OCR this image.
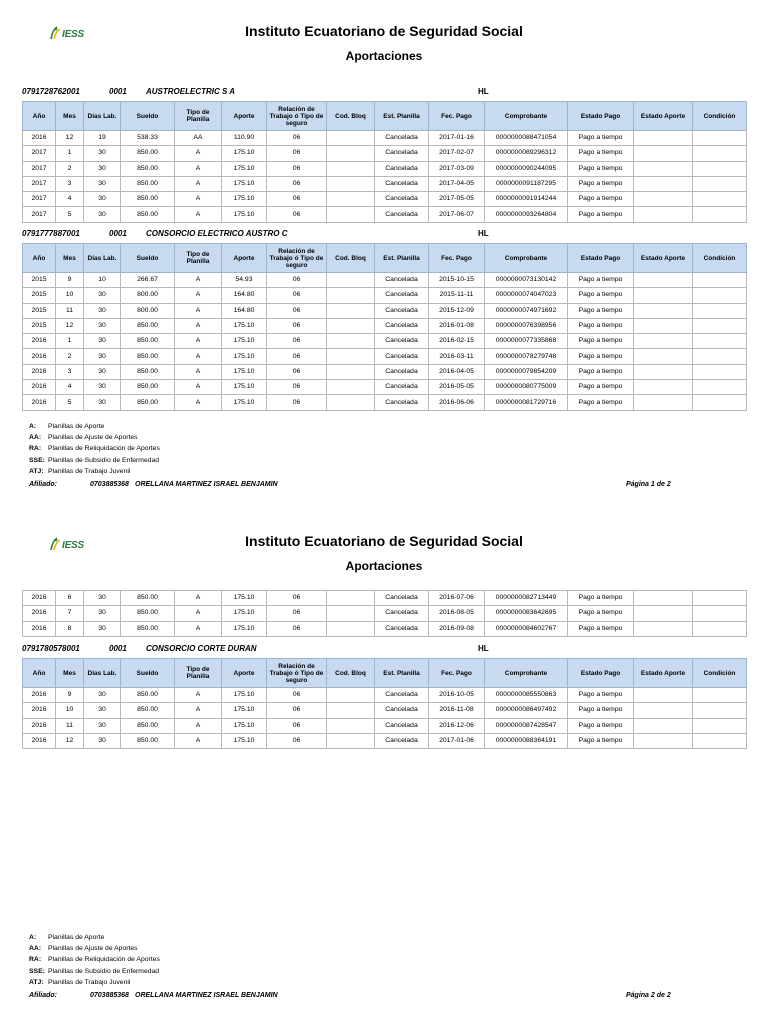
IESS	Instituto Ecuatoriano de Seguridad Social
Aportaciones
0791728762001	0001 AUSTROELECTRIC S A	HL
Año	Mes	Días Lab.	Sueldo	Tipo de Planilla	Aporte	Relación de Trabajo ó Tipo de seguro	Cod. Bloq	Est. Planilla	Fec. Pago	Comprobante	Estado Pago	Estado Aporte	Condición
2016	12	19	538.33	AA	110.90	06		Cancelada	2017-01-16	0000000088471054	Pago a tiempo		
2017	1	30	850.00	A	175.10	06		Cancelada	2017-02-07	0000000089296312	Pago a tiempo		
2017	2	30	850.00	A	175.10	06		Cancelada	2017-03-09	0000000090244095	Pago a tiempo		
2017	3	30	850.00	A	175.10	06		Cancelada	2017-04-05	0000000091187295	Pago a tiempo		
2017	4	30	850.00	A	175.10	06		Cancelada	2017-05-05	0000000091914244	Pago a tiempo		
2017	5	30	850.00	A	175.10	06		Cancelada	2017-06-07	0000000093264804	Pago a tiempo		
0791777887001	0001 CONSORCIO ELECTRICO AUSTRO C	HL
Año	Mes	Días Lab.	Sueldo	Tipo de Planilla	Aporte	Relación de Trabajo ó Tipo de seguro	Cod. Bloq	Est. Planilla	Fec. Pago	Comprobante	Estado Pago	Estado Aporte	Condición
2015	9	10	266.67	A	54.93	06		Cancelada	2015-10-15	0000000073130142	Pago a tiempo		
2015	10	30	800.00	A	164.80	06		Cancelada	2015-11-11	0000000074047023	Pago a tiempo		
2015	11	30	800.00	A	164.80	06		Cancelada	2015-12-09	0000000074971692	Pago a tiempo		
2015	12	30	850.00	A	175.10	06		Cancelada	2016-01-08	0000000076398956	Pago a tiempo		
2016	1	30	850.00	A	175.10	06		Cancelada	2016-02-15	0000000077335868	Pago a tiempo		
2016	2	30	850.00	A	175.10	06		Cancelada	2016-03-11	0000000078279748	Pago a tiempo		
2016	3	30	850.00	A	175.10	06		Cancelada	2016-04-05	0000000079854209	Pago a tiempo		
2016	4	30	850.00	A	175.10	06		Cancelada	2016-05-05	0000000080775009	Pago a tiempo		
2016	5	30	850.00	A	175.10	06		Cancelada	2016-06-06	0000000081729716	Pago a tiempo		
A:	Planillas de Aporte
AA:	Planillas de Ajuste de Aportes
RA:	Planillas de Reliquidación de Aportes
SSE: Planillas de Subsidio de Enfermedad
ATJ: Planillas de Trabajo Juvenil
Afiliado:	0703885368 ORELLANA MARTINEZ ISRAEL BENJAMIN	Página 1 de 2
IESS	Instituto Ecuatoriano de Seguridad Social
Aportaciones
2016	6	30	850.00	A	175.10	06		Cancelada	2016-07-06	0000000082713449	Pago a tiempo		
2016	7	30	850.00	A	175.10	06		Cancelada	2016-08-05	0000000083642695	Pago a tiempo		
2016	8	30	850.00	A	175.10	06		Cancelada	2016-09-08	0000000084602767	Pago a tiempo		
0791780578001	0001 CONSORCIO CORTE DURAN	HL
Año	Mes	Días Lab.	Sueldo	Tipo de Planilla	Aporte	Relación de Trabajo ó Tipo de seguro	Cod. Bloq	Est. Planilla	Fec. Pago	Comprobante	Estado Pago	Estado Aporte	Condición
2016	9	30	850.00	A	175.10	06		Cancelada	2016-10-05	0000000085550863	Pago a tiempo		
2016	10	30	850.00	A	175.10	06		Cancelada	2016-11-08	0000000086497492	Pago a tiempo		
2016	11	30	850.00	A	175.10	06		Cancelada	2016-12-06	0000000087428547	Pago a tiempo		
2016	12	30	850.00	A	175.10	06		Cancelada	2017-01-06	0000000088364191	Pago a tiempo		
A:	Planillas de Aporte
AA:	Planillas de Ajuste de Aportes
RA:	Planillas de Reliquidación de Aportes
SSE: Planillas de Subsidio de Enfermedad
ATJ: Planillas de Trabajo Juvenil
Afiliado:	0703885368 ORELLANA MARTINEZ ISRAEL BENJAMIN	Página 2 de 2
